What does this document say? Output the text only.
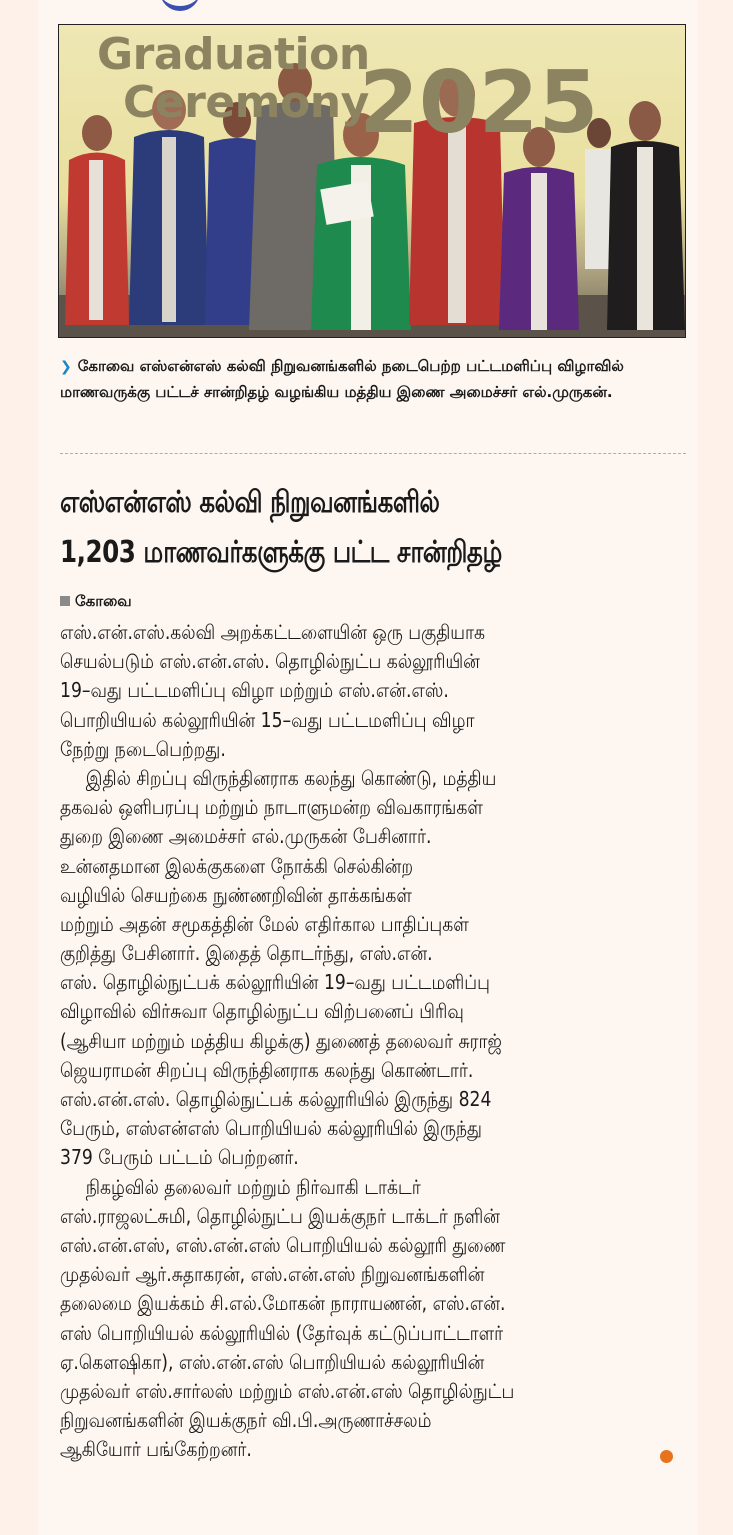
Graduation
Ceremony
2025
❯ கோவை எஸ்என்எஸ் கல்வி நிறுவனங்களில் நடைபெற்ற பட்டமளிப்பு விழாவில் மாணவருக்கு பட்டச் சான்றிதழ் வழங்கிய மத்திய இணை அமைச்சர் எல்.முருகன்.
எஸ்என்எஸ் கல்வி நிறுவனங்களில்
1,203 மாணவர்களுக்கு பட்ட சான்றிதழ்
கோவை
எஸ்.என்.எஸ்.கல்வி அறக்கட்டளையின் ஒரு பகுதியாக
செயல்படும் எஸ்.என்.எஸ். தொழில்நுட்ப கல்லூரியின்
19–வது பட்டமளிப்பு விழா மற்றும் எஸ்.என்.எஸ்.
பொறியியல் கல்லூரியின் 15–வது பட்டமளிப்பு விழா
நேற்று நடைபெற்றது.
இதில் சிறப்பு விருந்தினராக கலந்து கொண்டு, மத்திய
தகவல் ஒளிபரப்பு மற்றும் நாடாளுமன்ற விவகாரங்கள்
துறை இணை அமைச்சர் எல்.முருகன் பேசினார்.
உன்னதமான இலக்குகளை நோக்கி செல்கின்ற
வழியில் செயற்கை நுண்ணறிவின் தாக்கங்கள்
மற்றும் அதன் சமூகத்தின் மேல் எதிர்கால பாதிப்புகள்
குறித்து பேசினார். இதைத் தொடர்ந்து, எஸ்.என்.
எஸ். தொழில்நுட்பக் கல்லூரியின் 19–வது பட்டமளிப்பு
விழாவில் விர்சுவா தொழில்நுட்ப விற்பனைப் பிரிவு
(ஆசியா மற்றும் மத்திய கிழக்கு) துணைத் தலைவர் சுராஜ்
ஜெயராமன் சிறப்பு விருந்தினராக கலந்து கொண்டார்.
எஸ்.என்.எஸ். தொழில்நுட்பக் கல்லூரியில் இருந்து 824
பேரும், எஸ்என்எஸ் பொறியியல் கல்லூரியில் இருந்து
379 பேரும் பட்டம் பெற்றனர்.
நிகழ்வில் தலைவர் மற்றும் நிர்வாகி டாக்டர்
எஸ்.ராஜலட்சுமி, தொழில்நுட்ப இயக்குநர் டாக்டர் நளின்
எஸ்.என்.எஸ், எஸ்.என்.எஸ் பொறியியல் கல்லூரி துணை
முதல்வர் ஆர்.சுதாகரன், எஸ்.என்.எஸ் நிறுவனங்களின்
தலைமை இயக்கம் சி.எல்.மோகன் நாராயணன், எஸ்.என்.
எஸ் பொறியியல் கல்லூரியில் (தேர்வுக் கட்டுப்பாட்டாளர்
ஏ.கௌஷிகா), எஸ்.என்.எஸ் பொறியியல் கல்லூரியின்
முதல்வர் எஸ்.சார்லஸ் மற்றும் எஸ்.என்.எஸ் தொழில்நுட்ப
நிறுவனங்களின் இயக்குநர் வி.பி.அருணாச்சலம்
ஆகியோர் பங்கேற்றனர்.
